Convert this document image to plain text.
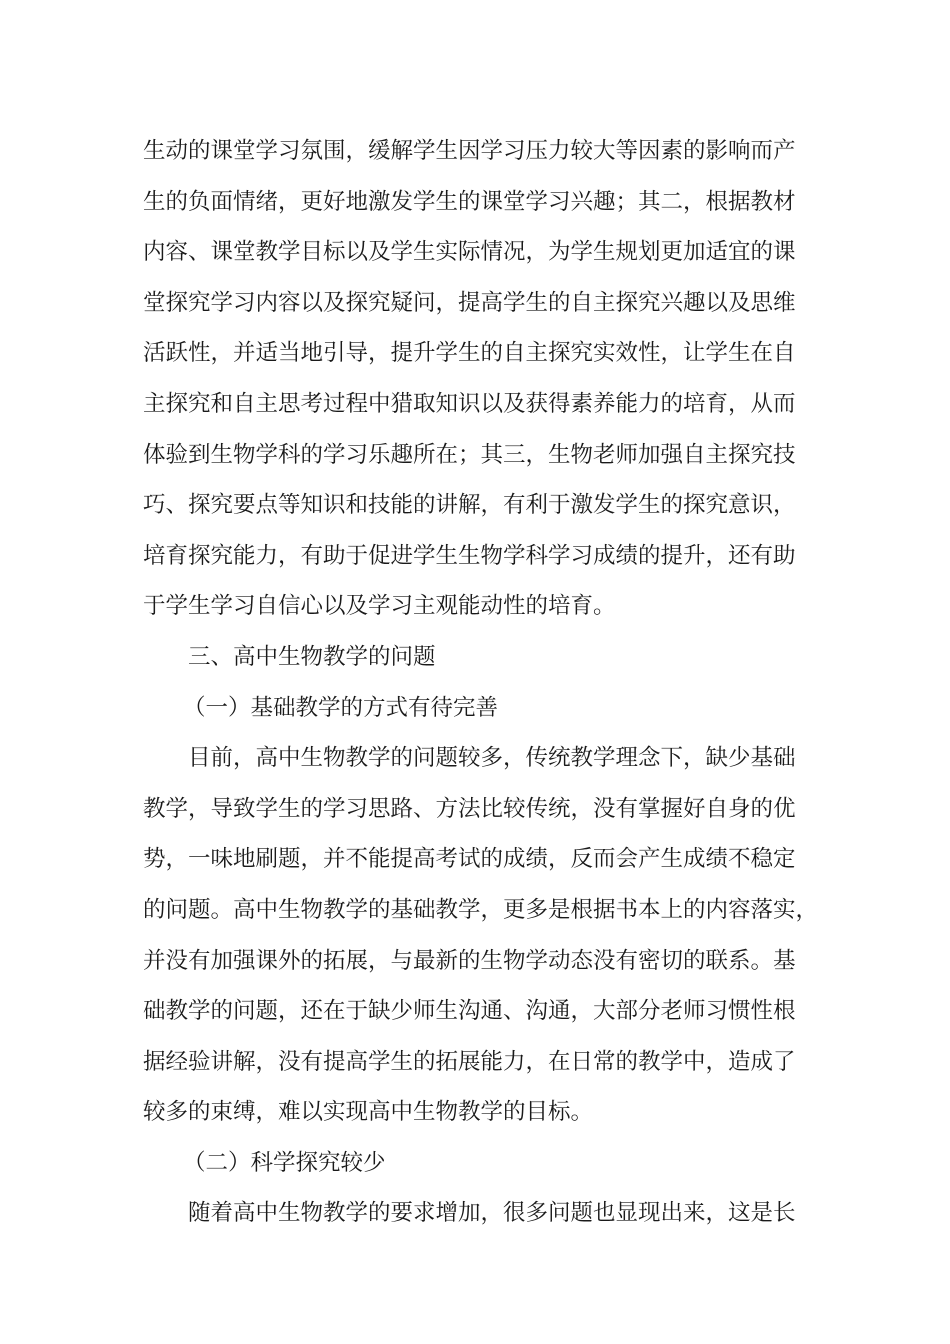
生动的课堂学习氛围，缓解学生因学习压力较大等因素的影响而产
生的负面情绪，更好地激发学生的课堂学习兴趣；其二，根据教材
内容、课堂教学目标以及学生实际情况，为学生规划更加适宜的课
堂探究学习内容以及探究疑问，提高学生的自主探究兴趣以及思维
活跃性，并适当地引导，提升学生的自主探究实效性，让学生在自
主探究和自主思考过程中猎取知识以及获得素养能力的培育，从而
体验到生物学科的学习乐趣所在；其三，生物老师加强自主探究技
巧、探究要点等知识和技能的讲解，有利于激发学生的探究意识，
培育探究能力，有助于促进学生生物学科学习成绩的提升，还有助
于学生学习自信心以及学习主观能动性的培育。
三、高中生物教学的问题
（一）基础教学的方式有待完善
目前，高中生物教学的问题较多，传统教学理念下，缺少基础
教学，导致学生的学习思路、方法比较传统，没有掌握好自身的优
势，一味地刷题，并不能提高考试的成绩，反而会产生成绩不稳定
的问题。高中生物教学的基础教学，更多是根据书本上的内容落实，
并没有加强课外的拓展，与最新的生物学动态没有密切的联系。基
础教学的问题，还在于缺少师生沟通、沟通，大部分老师习惯性根
据经验讲解，没有提高学生的拓展能力，在日常的教学中，造成了
较多的束缚，难以实现高中生物教学的目标。
（二）科学探究较少
随着高中生物教学的要求增加，很多问题也显现出来，这是长
